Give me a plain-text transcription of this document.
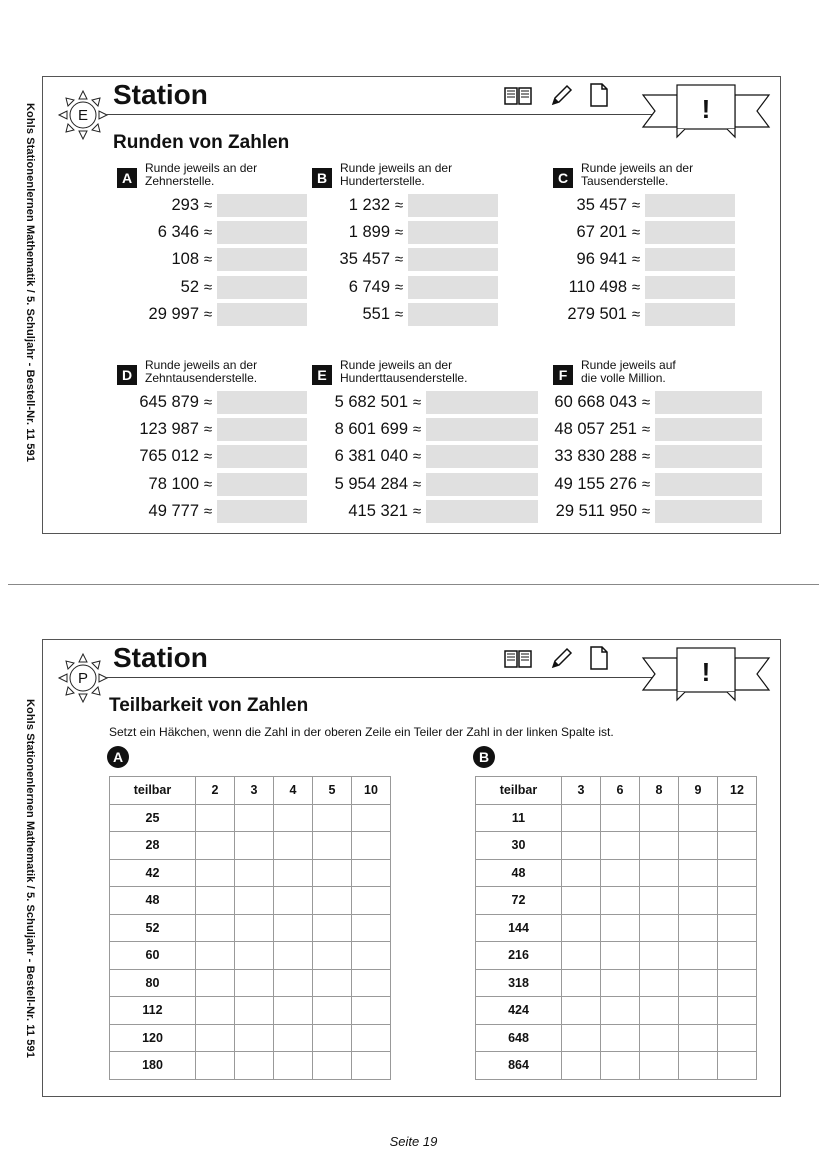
Kohls Stationenlernen Mathematik / 5. Schuljahr - Bestell-Nr. 11 591
Kohls Stationenlernen Mathematik / 5. Schuljahr - Bestell-Nr. 11 591
E
Station	!
Runden von Zahlen
A
Runde jeweils an der
Zehnerstelle.
293 ≈
6 346 ≈
108 ≈
52 ≈
29 997 ≈
B
Runde jeweils an der
Hunderterstelle.
1 232 ≈
1 899 ≈
35 457 ≈
6 749 ≈
551 ≈
C
Runde jeweils an der
Tausenderstelle.
35 457 ≈
67 201 ≈
96 941 ≈
110 498 ≈
279 501 ≈
D
Runde jeweils an der
Zehntausenderstelle.
645 879 ≈
123 987 ≈
765 012 ≈
78 100 ≈
49 777 ≈
E
Runde jeweils an der
Hunderttausenderstelle.
5 682 501 ≈
8 601 699 ≈
6 381 040 ≈
5 954 284 ≈
415 321 ≈
F
Runde jeweils auf
die volle Million.
60 668 043 ≈
48 057 251 ≈
33 830 288 ≈
49 155 276 ≈
29 511 950 ≈
P
Station	!
Teilbarkeit von Zahlen
Setzt ein Häkchen, wenn die Zahl in der oberen Zeile ein Teiler der Zahl in der linken Spalte ist.
A
teilbar	2	3	4	5	10
25					
28					
42					
48					
52					
60					
80					
112					
120					
180					
B
teilbar	3	6	8	9	12
11					
30					
48					
72					
144					
216					
318					
424					
648					
864					
Seite 19
